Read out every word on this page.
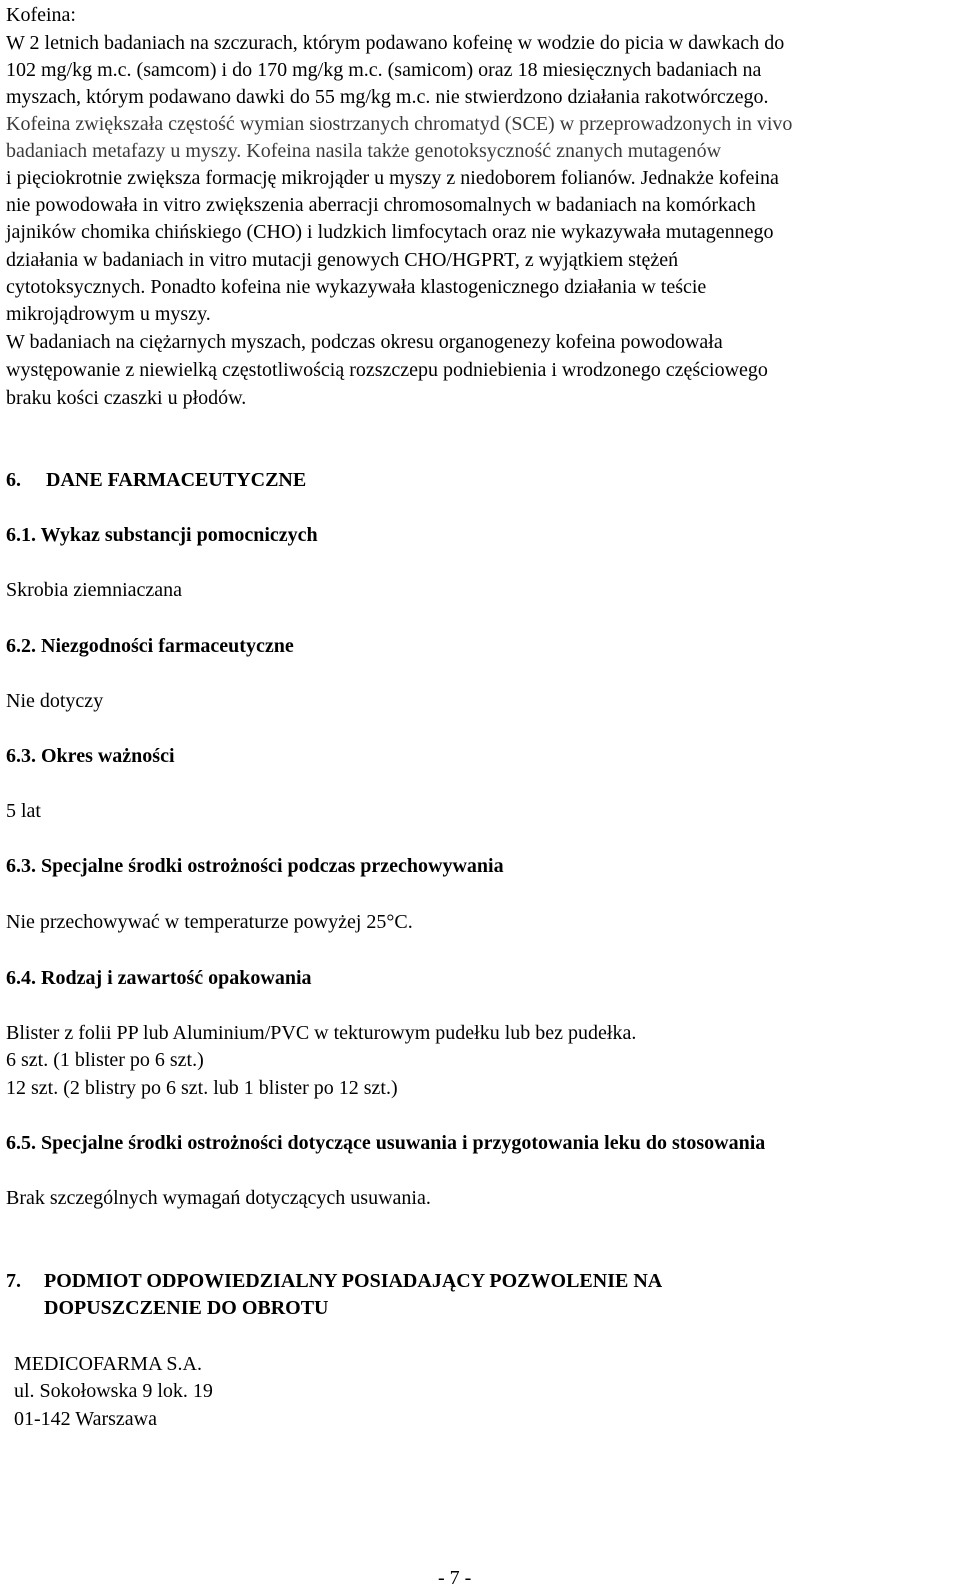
Kofeina:
W 2 letnich badaniach na szczurach, którym podawano kofeinę w wodzie do picia w dawkach do
102 mg/kg m.c. (samcom) i do 170 mg/kg m.c. (samicom) oraz 18 miesięcznych badaniach na
myszach, którym podawano dawki do 55 mg/kg m.c. nie stwierdzono działania rakotwórczego.
Kofeina zwiększała częstość wymian siostrzanych chromatyd (SCE) w przeprowadzonych in vivo
badaniach metafazy u myszy. Kofeina nasila także genotoksyczność znanych mutagenów
i pięciokrotnie zwiększa formację mikrojąder u myszy z niedoborem folianów. Jednakże kofeina
nie powodowała in vitro zwiększenia aberracji chromosomalnych w badaniach na komórkach
jajników chomika chińskiego (CHO) i ludzkich limfocytach oraz nie wykazywała mutagennego
działania w badaniach in vitro mutacji genowych CHO/HGPRT, z wyjątkiem stężeń
cytotoksycznych. Ponadto kofeina nie wykazywała klastogenicznego działania w teście
mikrojądrowym u myszy.
W badaniach na ciężarnych myszach, podczas okresu organogenezy kofeina powodowała
występowanie z niewielką częstotliwością rozszczepu podniebienia i wrodzonego częściowego
braku kości czaszki u płodów.
6. DANE FARMACEUTYCZNE
6.1. Wykaz substancji pomocniczych
Skrobia ziemniaczana
6.2. Niezgodności farmaceutyczne
Nie dotyczy
6.3. Okres ważności
5 lat
6.3. Specjalne środki ostrożności podczas przechowywania
Nie przechowywać w temperaturze powyżej 25°C.
6.4. Rodzaj i zawartość opakowania
Blister z folii PP lub Aluminium/PVC w tekturowym pudełku lub bez pudełka.
6 szt. (1 blister po 6 szt.)
12 szt. (2 blistry po 6 szt. lub 1 blister po 12 szt.)
6.5. Specjalne środki ostrożności dotyczące usuwania i przygotowania leku do stosowania
Brak szczególnych wymagań dotyczących usuwania.
7. PODMIOT ODPOWIEDZIALNY POSIADAJĄCY POZWOLENIE NA
DOPUSZCZENIE DO OBROTU
MEDICOFARMA S.A.
ul. Sokołowska 9 lok. 19
01-142 Warszawa
- 7 -
